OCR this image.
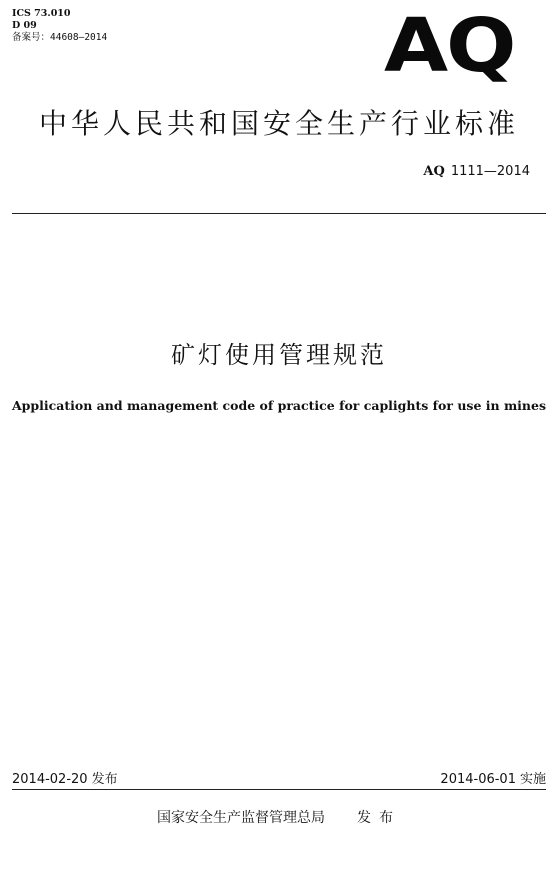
ICS 73.010
D 09
备案号：44608—2014	AQ
中华人民共和国安全生产行业标准
AQ 1111—2014
矿灯使用管理规范
Application and management code of practice for caplights for use in mines
2014-02-20 发布	2014-06-01 实施
国家安全生产监督管理总局 发布
